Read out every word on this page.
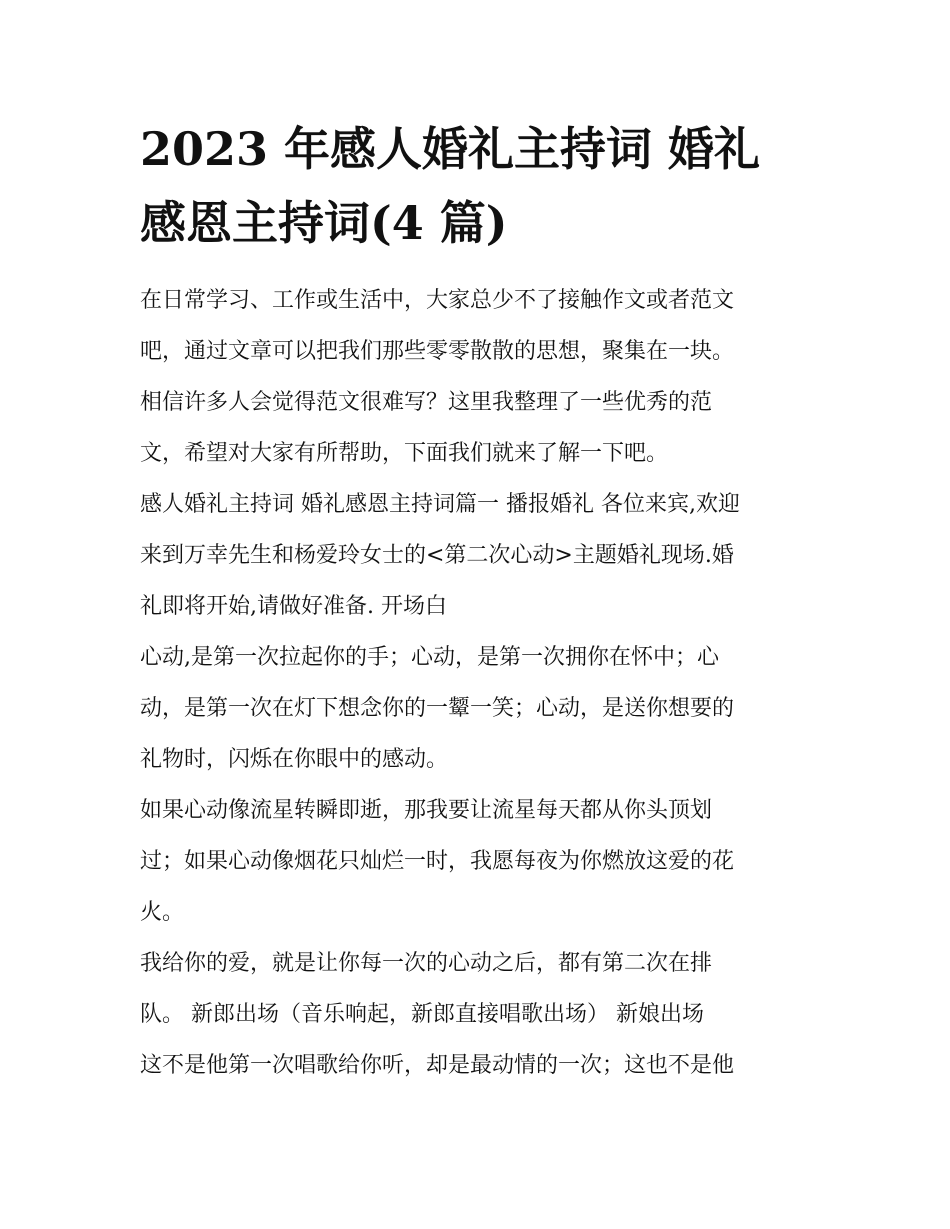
2023 年感人婚礼主持词 婚礼
感恩主持词(4 篇)
在日常学习、工作或生活中，大家总少不了接触作文或者范文
吧，通过文章可以把我们那些零零散散的思想，聚集在一块。
相信许多人会觉得范文很难写？这里我整理了一些优秀的范
文，希望对大家有所帮助，下面我们就来了解一下吧。
感人婚礼主持词 婚礼感恩主持词篇一 播报婚礼 各位来宾,欢迎
来到万幸先生和杨爱玲女士的<第二次心动>主题婚礼现场.婚
礼即将开始,请做好准备. 开场白
心动,是第一次拉起你的手；心动，是第一次拥你在怀中；心
动，是第一次在灯下想念你的一颦一笑；心动，是送你想要的
礼物时，闪烁在你眼中的感动。
如果心动像流星转瞬即逝，那我要让流星每天都从你头顶划
过；如果心动像烟花只灿烂一时，我愿每夜为你燃放这爱的花
火。
我给你的爱，就是让你每一次的心动之后，都有第二次在排
队。 新郎出场（音乐响起，新郎直接唱歌出场） 新娘出场
这不是他第一次唱歌给你听，却是最动情的一次；这也不是他
